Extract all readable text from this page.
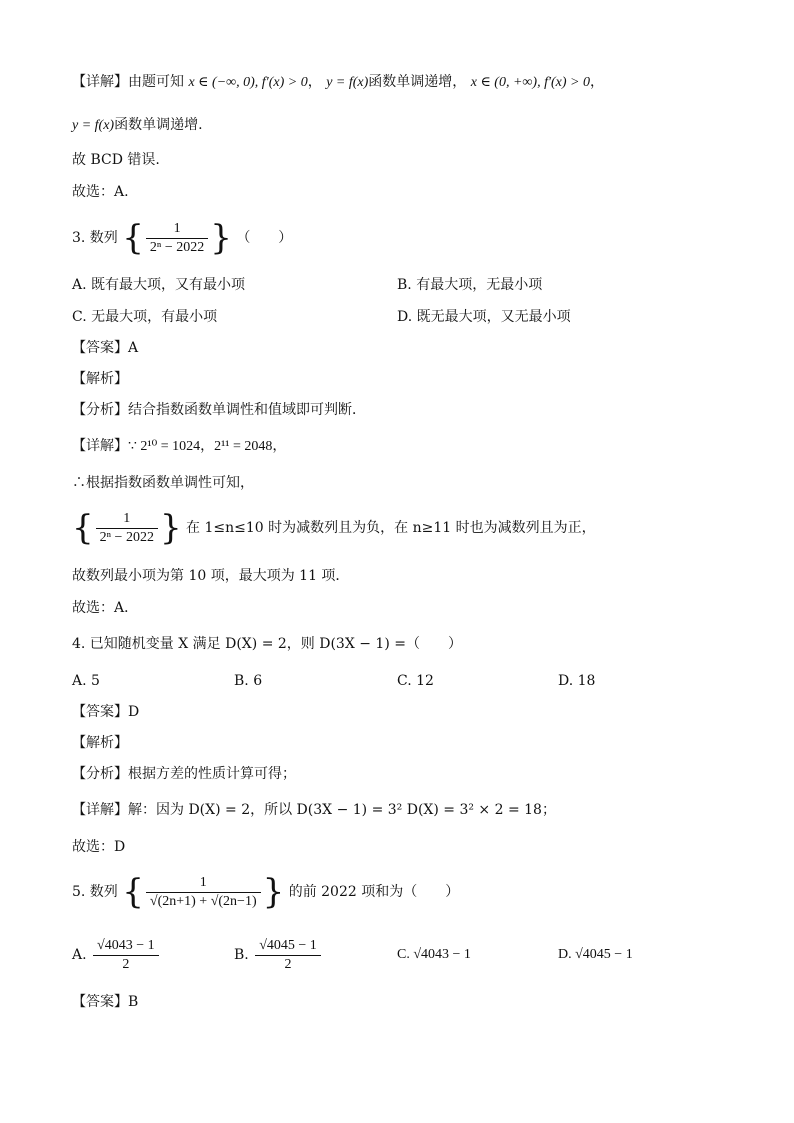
【详解】由题可知 x ∈ (−∞, 0), f′(x) > 0， y = f(x)函数单调递增， x ∈ (0, +∞), f′(x) > 0，
y = f(x)函数单调递增.
故 BCD 错误.
故选：A.
3. 数列 { $\frac{1}{\text{2ⁿ − 2022}}$ } （　　）
A. 既有最大项，又有最小项	B. 有最大项，无最小项
C. 无最大项，有最小项	D. 既无最大项，又无最小项
【答案】A
【解析】
【分析】结合指数函数单调性和值域即可判断．
【详解】∵ 2¹⁰ = 1024，2¹¹ = 2048，
∴根据指数函数单调性可知，
{ $\frac{1}{\text{2ⁿ − 2022}}$ } 在 1≤n≤10 时为减数列且为负，在 n≥11 时也为减数列且为正，
故数列最小项为第 10 项，最大项为 11 项．
故选：A．
4. 已知随机变量 X 满足 D(X) = 2，则 D(3X − 1) =（　　）
A. 5	B. 6	C. 12	D. 18
【答案】D
【解析】
【分析】根据方差的性质计算可得；
【详解】解：因为 D(X) = 2，所以 D(3X − 1) = 3² D(X) = 3² × 2 = 18；
故选：D
5. 数列 { $\frac{1}{√(2n+1) + √(2n-1)}$ } 的前 2022 项和为（　　）
A. $\frac{√4043 - 1}{2}$	B. $\frac{√4045 - 1}{2}$	C. √4043 − 1	D. √4045 − 1
【答案】B
